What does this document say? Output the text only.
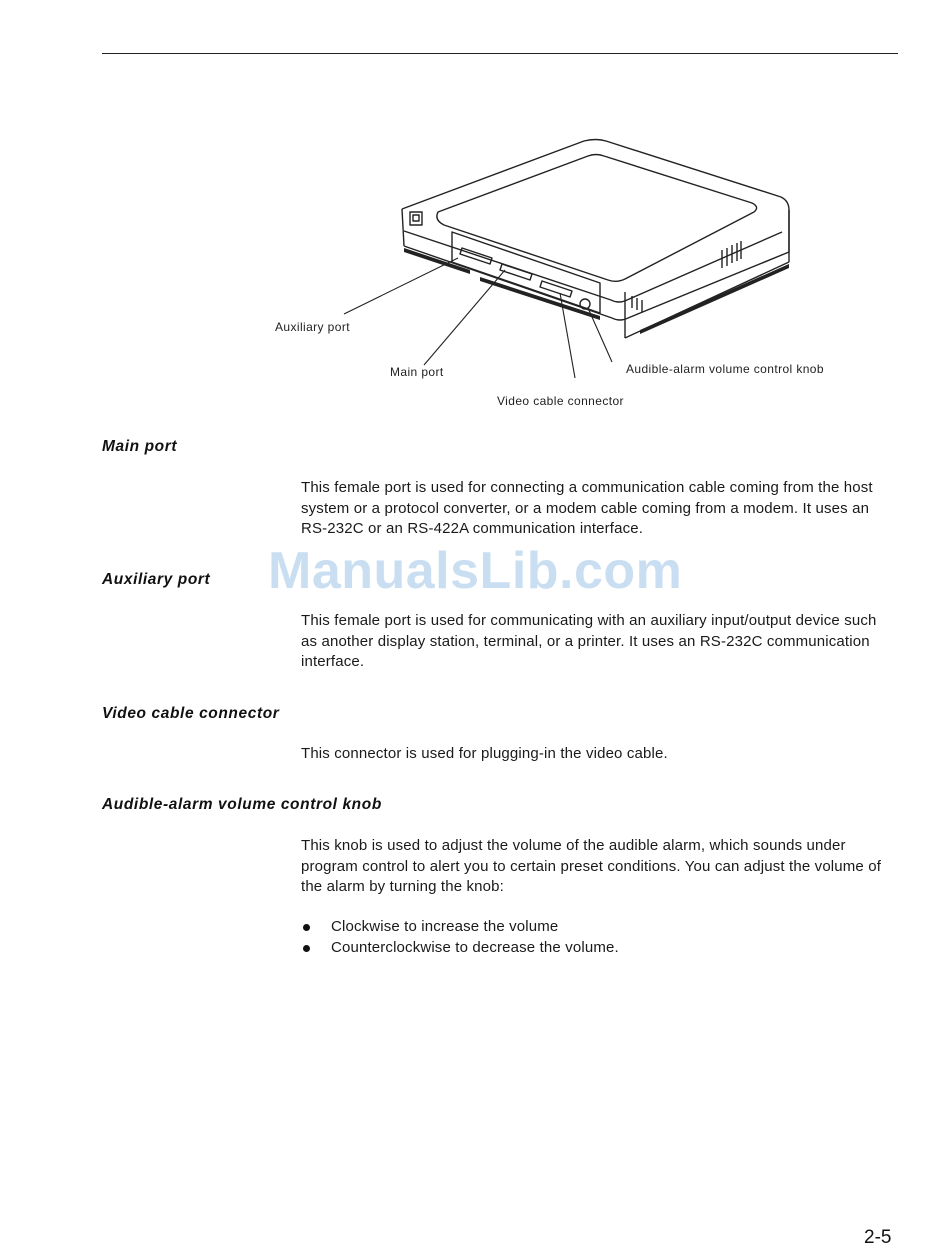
Auxiliary port
Main port	Audible-alarm volume control knob
Video cable connector
Main port

This female port is used for connecting a communication cable coming from the host system or a protocol converter, or a modem cable coming from a modem. It uses an RS-232C or an RS-422A communication interface.

Auxiliary port

This female port is used for communicating with an auxiliary input/output device such as another display station, terminal, or a printer. It uses an RS-232C communication interface.

Video cable connector

This connector is used for plugging-in the video cable.

Audible-alarm volume control knob

This knob is used to adjust the volume of the audible alarm, which sounds under program control to alert you to certain preset conditions. You can adjust the volume of the alarm by turning the knob:

Clockwise to increase the volume
Counterclockwise to decrease the volume.
ManualsLib.com
2-5
